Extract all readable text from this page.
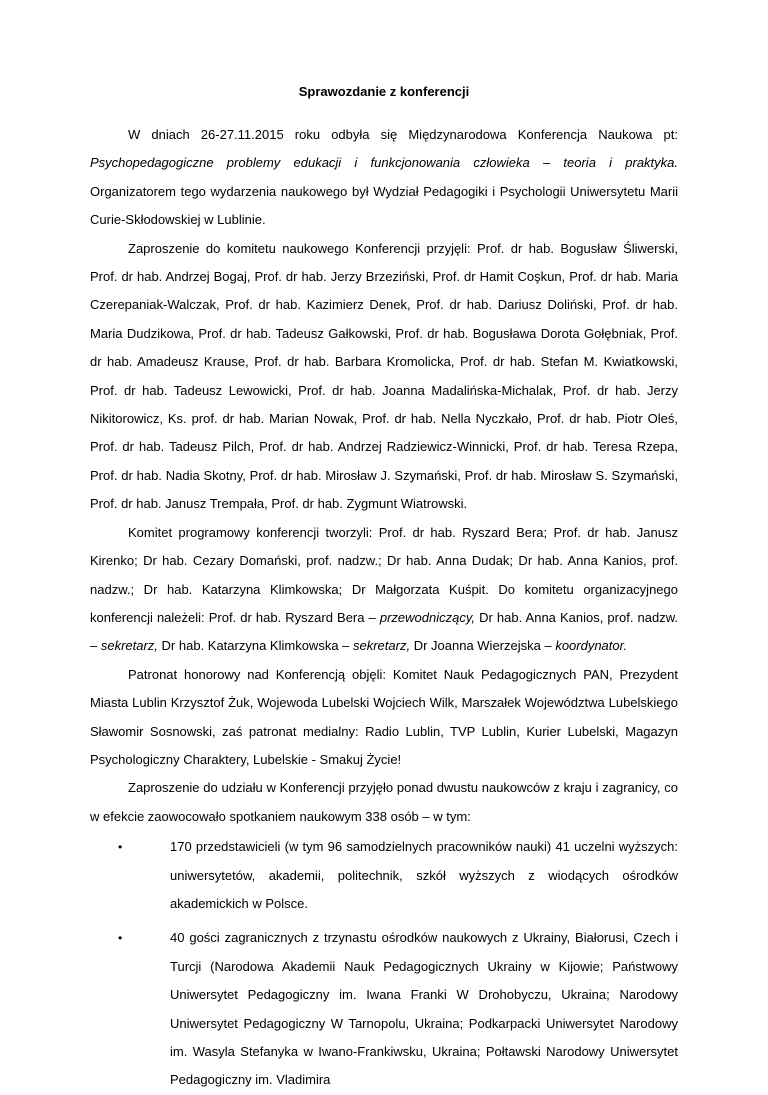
Sprawozdanie z konferencji

W dniach 26-27.11.2015 roku odbyła się Międzynarodowa Konferencja Naukowa pt: Psychopedagogiczne problemy edukacji i funkcjonowania człowieka – teoria i praktyka. Organizatorem tego wydarzenia naukowego był Wydział Pedagogiki i Psychologii Uniwersytetu Marii Curie-Skłodowskiej w Lublinie.

Zaproszenie do komitetu naukowego Konferencji przyjęli: Prof. dr hab. Bogusław Śliwerski, Prof. dr hab. Andrzej Bogaj, Prof. dr hab. Jerzy Brzeziński, Prof. dr Hamit Coşkun, Prof. dr hab. Maria Czerepaniak-Walczak, Prof. dr hab. Kazimierz Denek, Prof. dr hab. Dariusz Doliński, Prof. dr hab. Maria Dudzikowa, Prof. dr hab. Tadeusz Gałkowski, Prof. dr hab. Bogusława Dorota Gołębniak, Prof. dr hab. Amadeusz Krause, Prof. dr hab. Barbara Kromolicka, Prof. dr hab. Stefan M. Kwiatkowski, Prof. dr hab. Tadeusz Lewowicki, Prof. dr hab. Joanna Madalińska-Michalak, Prof. dr hab. Jerzy Nikitorowicz, Ks. prof. dr hab. Marian Nowak, Prof. dr hab. Nella Nyczkało, Prof. dr hab. Piotr Oleś, Prof. dr hab. Tadeusz Pilch, Prof. dr hab. Andrzej Radziewicz-Winnicki, Prof. dr hab. Teresa Rzepa, Prof. dr hab. Nadia Skotny, Prof. dr hab. Mirosław J. Szymański, Prof. dr hab. Mirosław S. Szymański, Prof. dr hab. Janusz Trempała, Prof. dr hab. Zygmunt Wiatrowski.

Komitet programowy konferencji tworzyli: Prof. dr hab. Ryszard Bera; Prof. dr hab. Janusz Kirenko; Dr hab. Cezary Domański, prof. nadzw.; Dr hab. Anna Dudak; Dr hab. Anna Kanios, prof. nadzw.; Dr hab. Katarzyna Klimkowska; Dr Małgorzata Kuśpit. Do komitetu organizacyjnego konferencji należeli: Prof. dr hab. Ryszard Bera – przewodniczący, Dr hab. Anna Kanios, prof. nadzw. – sekretarz, Dr hab. Katarzyna Klimkowska – sekretarz, Dr Joanna Wierzejska – koordynator.

Patronat honorowy nad Konferencją objęli: Komitet Nauk Pedagogicznych PAN, Prezydent Miasta Lublin Krzysztof Żuk, Wojewoda Lubelski Wojciech Wilk, Marszałek Województwa Lubelskiego Sławomir Sosnowski, zaś patronat medialny: Radio Lublin, TVP Lublin, Kurier Lubelski, Magazyn Psychologiczny Charaktery, Lubelskie - Smakuj Życie!

Zaproszenie do udziału w Konferencji przyjęło ponad dwustu naukowców z kraju i zagranicy, co w efekcie zaowocowało spotkaniem naukowym 338 osób – w tym:

•	170 przedstawicieli (w tym 96 samodzielnych pracowników nauki) 41 uczelni wyższych: uniwersytetów, akademii, politechnik, szkół wyższych z wiodących ośrodków akademickich w Polsce.
•	40 gości zagranicznych z trzynastu ośrodków naukowych z Ukrainy, Białorusi, Czech i Turcji (Narodowa Akademii Nauk Pedagogicznych Ukrainy w Kijowie; Państwowy Uniwersytet Pedagogiczny im. Iwana Franki W Drohobyczu, Ukraina; Narodowy Uniwersytet Pedagogiczny W Tarnopolu, Ukraina; Podkarpacki Uniwersytet Narodowy im. Wasyla Stefanyka w Iwano-Frankiwsku, Ukraina; Połtawski Narodowy Uniwersytet Pedagogiczny im. Vladimira
